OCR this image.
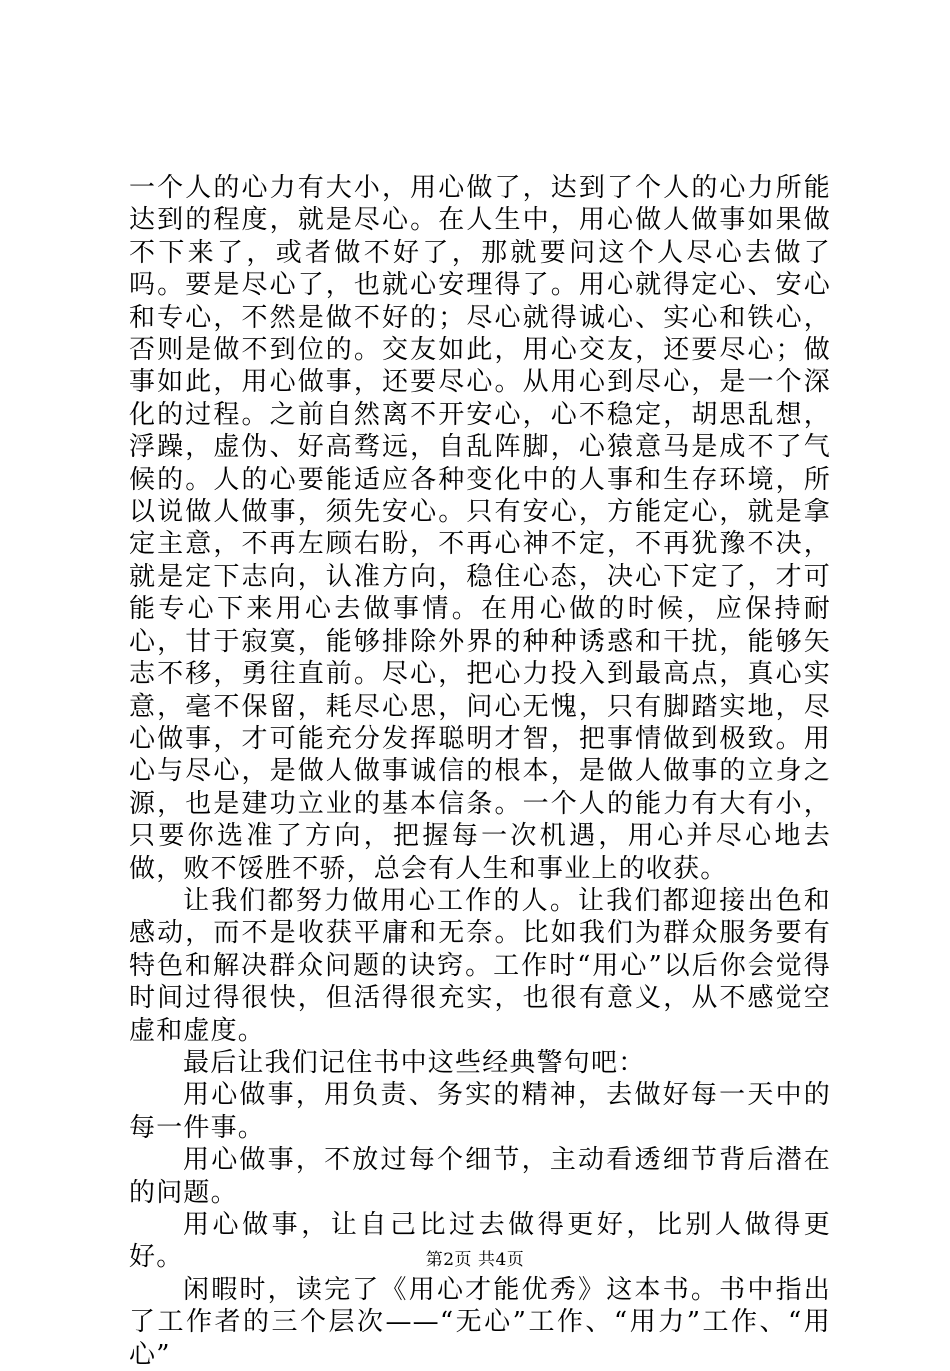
一个人的心力有大小，用心做了，达到了个人的心力所能达到的程度，就是尽心。在人生中，用心做人做事如果做不下来了，或者做不好了，那就要问这个人尽心去做了吗。要是尽心了，也就心安理得了。用心就得定心、安心和专心，不然是做不好的；尽心就得诚心、实心和铁心，否则是做不到位的。交友如此，用心交友，还要尽心；做事如此，用心做事，还要尽心。从用心到尽心，是一个深化的过程。之前自然离不开安心，心不稳定，胡思乱想，浮躁，虚伪、好高骛远，自乱阵脚，心猿意马是成不了气候的。人的心要能适应各种变化中的人事和生存环境，所以说做人做事，须先安心。只有安心，方能定心，就是拿定主意，不再左顾右盼，不再心神不定，不再犹豫不决，就是定下志向，认准方向，稳住心态，决心下定了，才可能专心下来用心去做事情。在用心做的时候，应保持耐心，甘于寂寞，能够排除外界的种种诱惑和干扰，能够矢志不移，勇往直前。尽心，把心力投入到最高点，真心实意，毫不保留，耗尽心思，问心无愧，只有脚踏实地，尽心做事，才可能充分发挥聪明才智，把事情做到极致。用心与尽心，是做人做事诚信的根本，是做人做事的立身之源，也是建功立业的基本信条。一个人的能力有大有小，只要你选准了方向，把握每一次机遇，用心并尽心地去做，败不馁胜不骄，总会有人生和事业上的收获。

让我们都努力做用心工作的人。让我们都迎接出色和感动，而不是收获平庸和无奈。比如我们为群众服务要有特色和解决群众问题的诀窍。工作时“用心”以后你会觉得时间过得很快，但活得很充实，也很有意义，从不感觉空虚和虚度。

最后让我们记住书中这些经典警句吧：

用心做事，用负责、务实的精神，去做好每一天中的每一件事。

用心做事，不放过每个细节，主动看透细节背后潜在的问题。

用心做事，让自己比过去做得更好，比别人做得更好。

闲暇时，读完了《用心才能优秀》这本书。书中指出了工作者的三个层次——“无心”工作、“用力”工作、“用心”

第2页 共4页
